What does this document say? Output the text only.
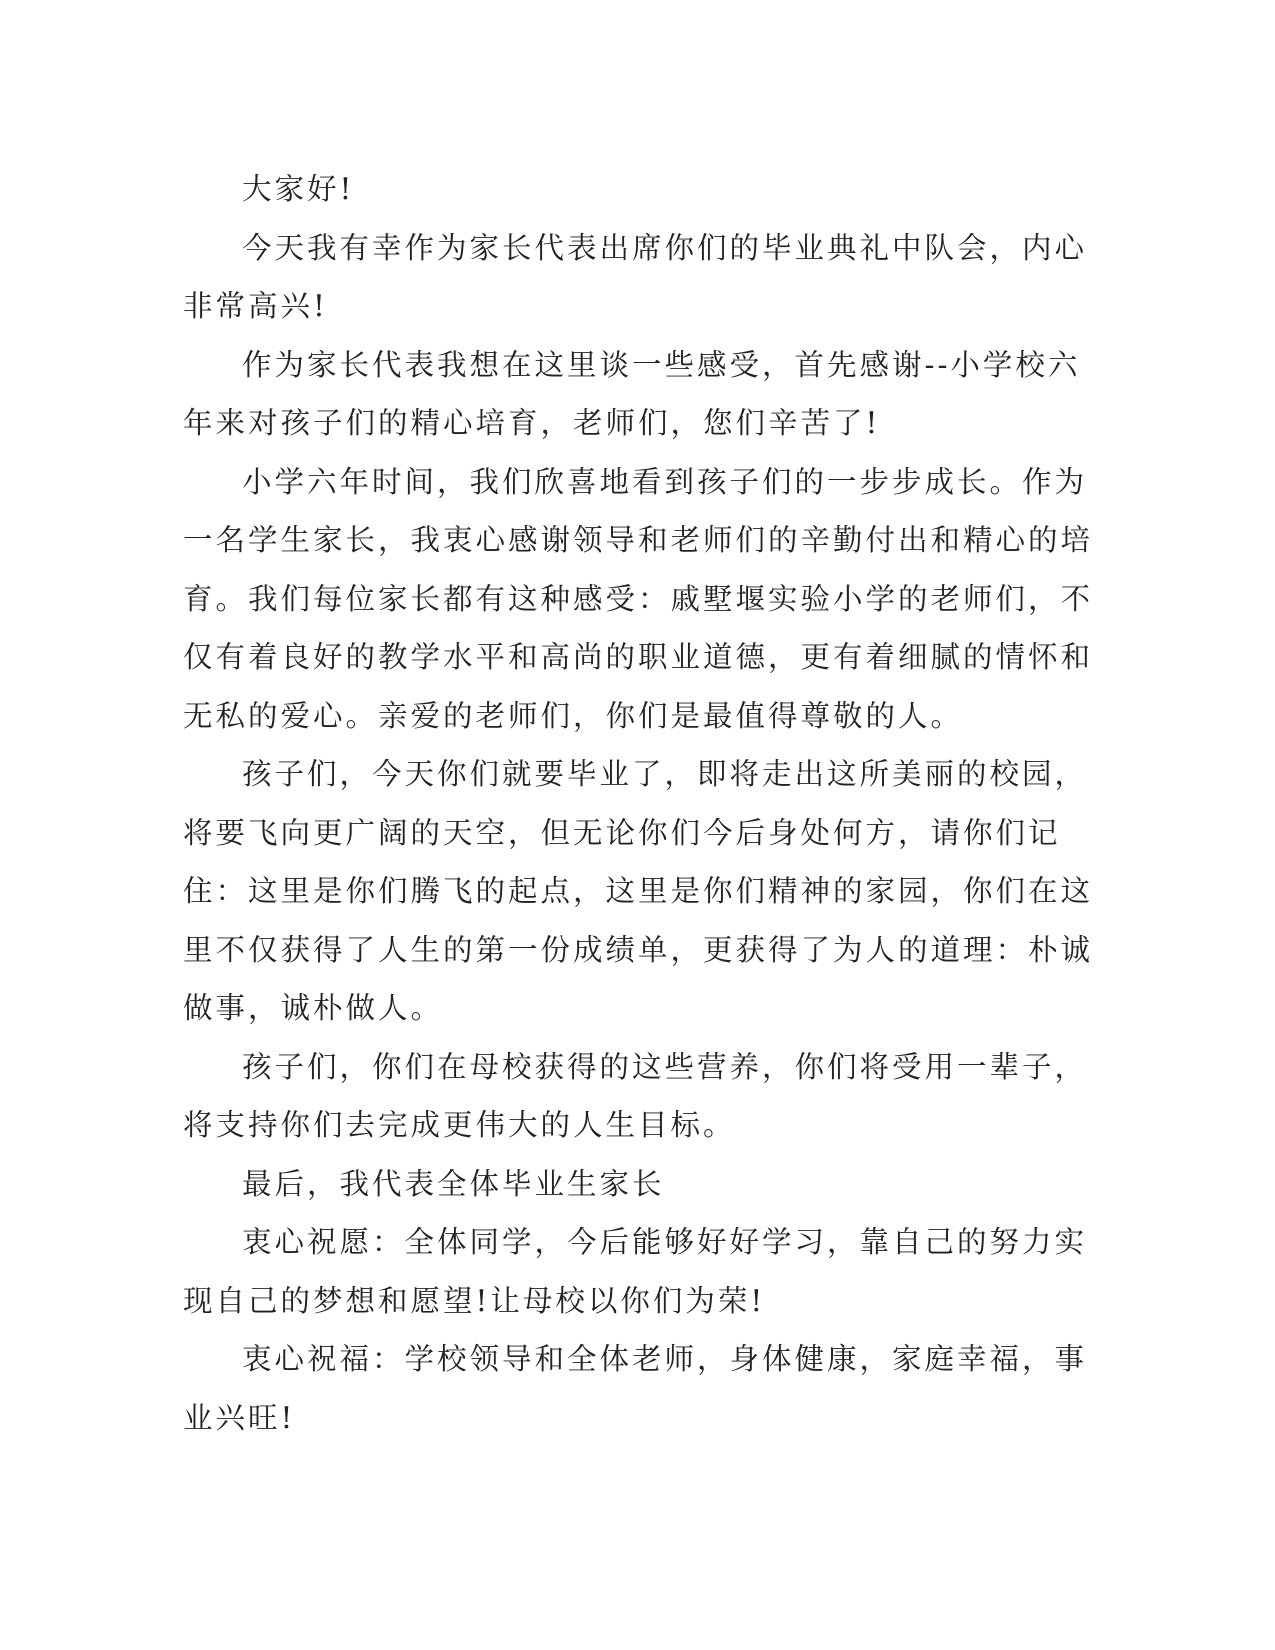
大家好!

今天我有幸作为家长代表出席你们的毕业典礼中队会，内心非常高兴!

作为家长代表我想在这里谈一些感受，首先感谢--小学校六年来对孩子们的精心培育，老师们，您们辛苦了!

小学六年时间，我们欣喜地看到孩子们的一步步成长。作为一名学生家长，我衷心感谢领导和老师们的辛勤付出和精心的培育。我们每位家长都有这种感受：戚墅堰实验小学的老师们，不仅有着良好的教学水平和高尚的职业道德，更有着细腻的情怀和无私的爱心。亲爱的老师们，你们是最值得尊敬的人。

孩子们，今天你们就要毕业了，即将走出这所美丽的校园，将要飞向更广阔的天空，但无论你们今后身处何方，请你们记住：这里是你们腾飞的起点，这里是你们精神的家园，你们在这里不仅获得了人生的第一份成绩单，更获得了为人的道理：朴诚做事，诚朴做人。

孩子们，你们在母校获得的这些营养，你们将受用一辈子，将支持你们去完成更伟大的人生目标。

最后，我代表全体毕业生家长

衷心祝愿：全体同学，今后能够好好学习，靠自己的努力实现自己的梦想和愿望!让母校以你们为荣!

衷心祝福：学校领导和全体老师，身体健康，家庭幸福，事业兴旺!
